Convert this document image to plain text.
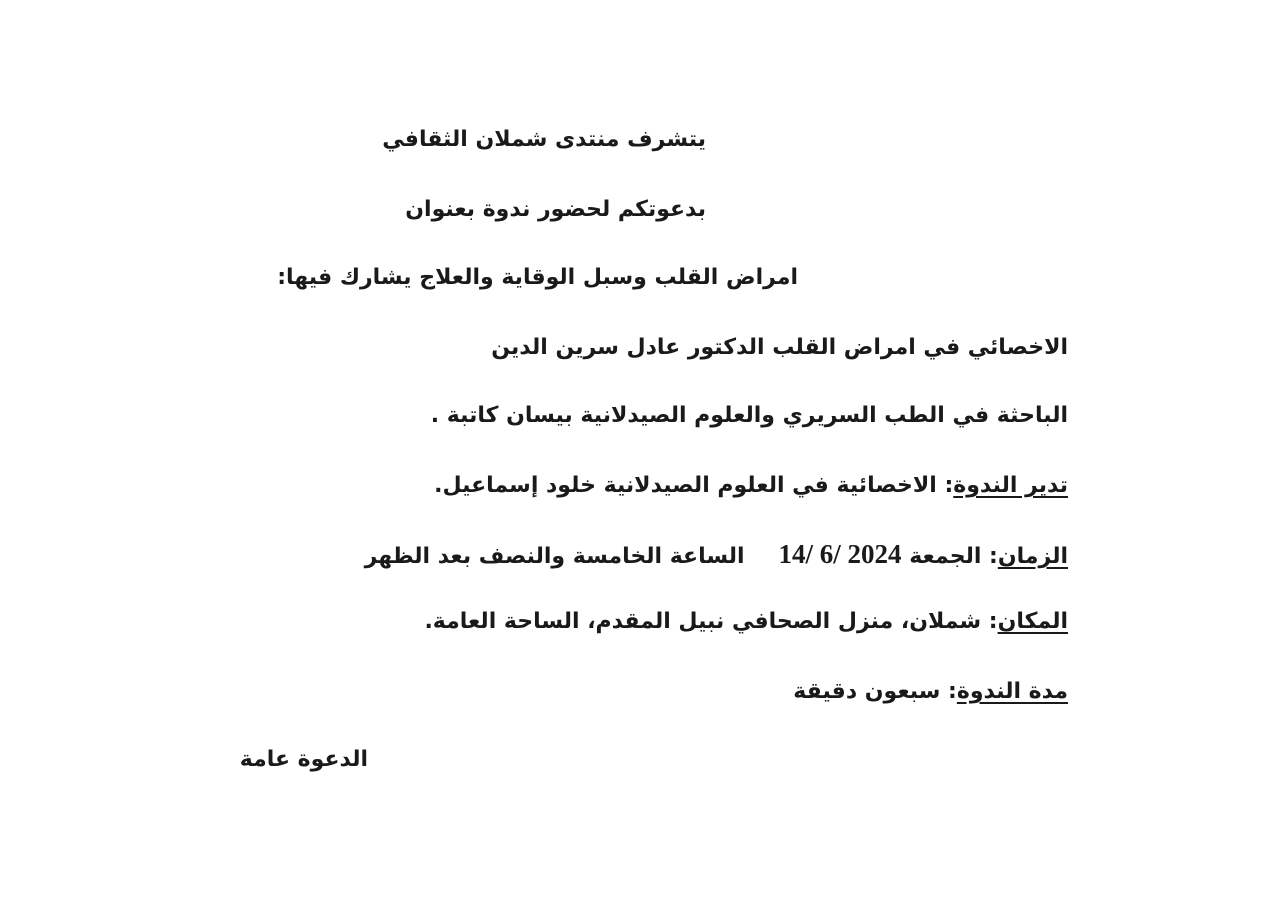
يتشرف منتدى شملان الثقافي
بدعوتكم لحضور ندوة بعنوان
امراض القلب وسبل الوقاية والعلاج يشارك فيها:
الاخصائي في امراض القلب الدكتور عادل سرين الدين
الباحثة في الطب السريري والعلوم الصيدلانية بيسان كاتبة .
تدير الندوة: الاخصائية في العلوم الصيدلانية خلود إسماعيل.
الزمان: الجمعة 14/ 6/ 2024الساعة الخامسة والنصف بعد الظهر
المكان: شملان، منزل الصحافي نبيل المقدم، الساحة العامة.
مدة الندوة: سبعون دقيقة
الدعوة عامة
